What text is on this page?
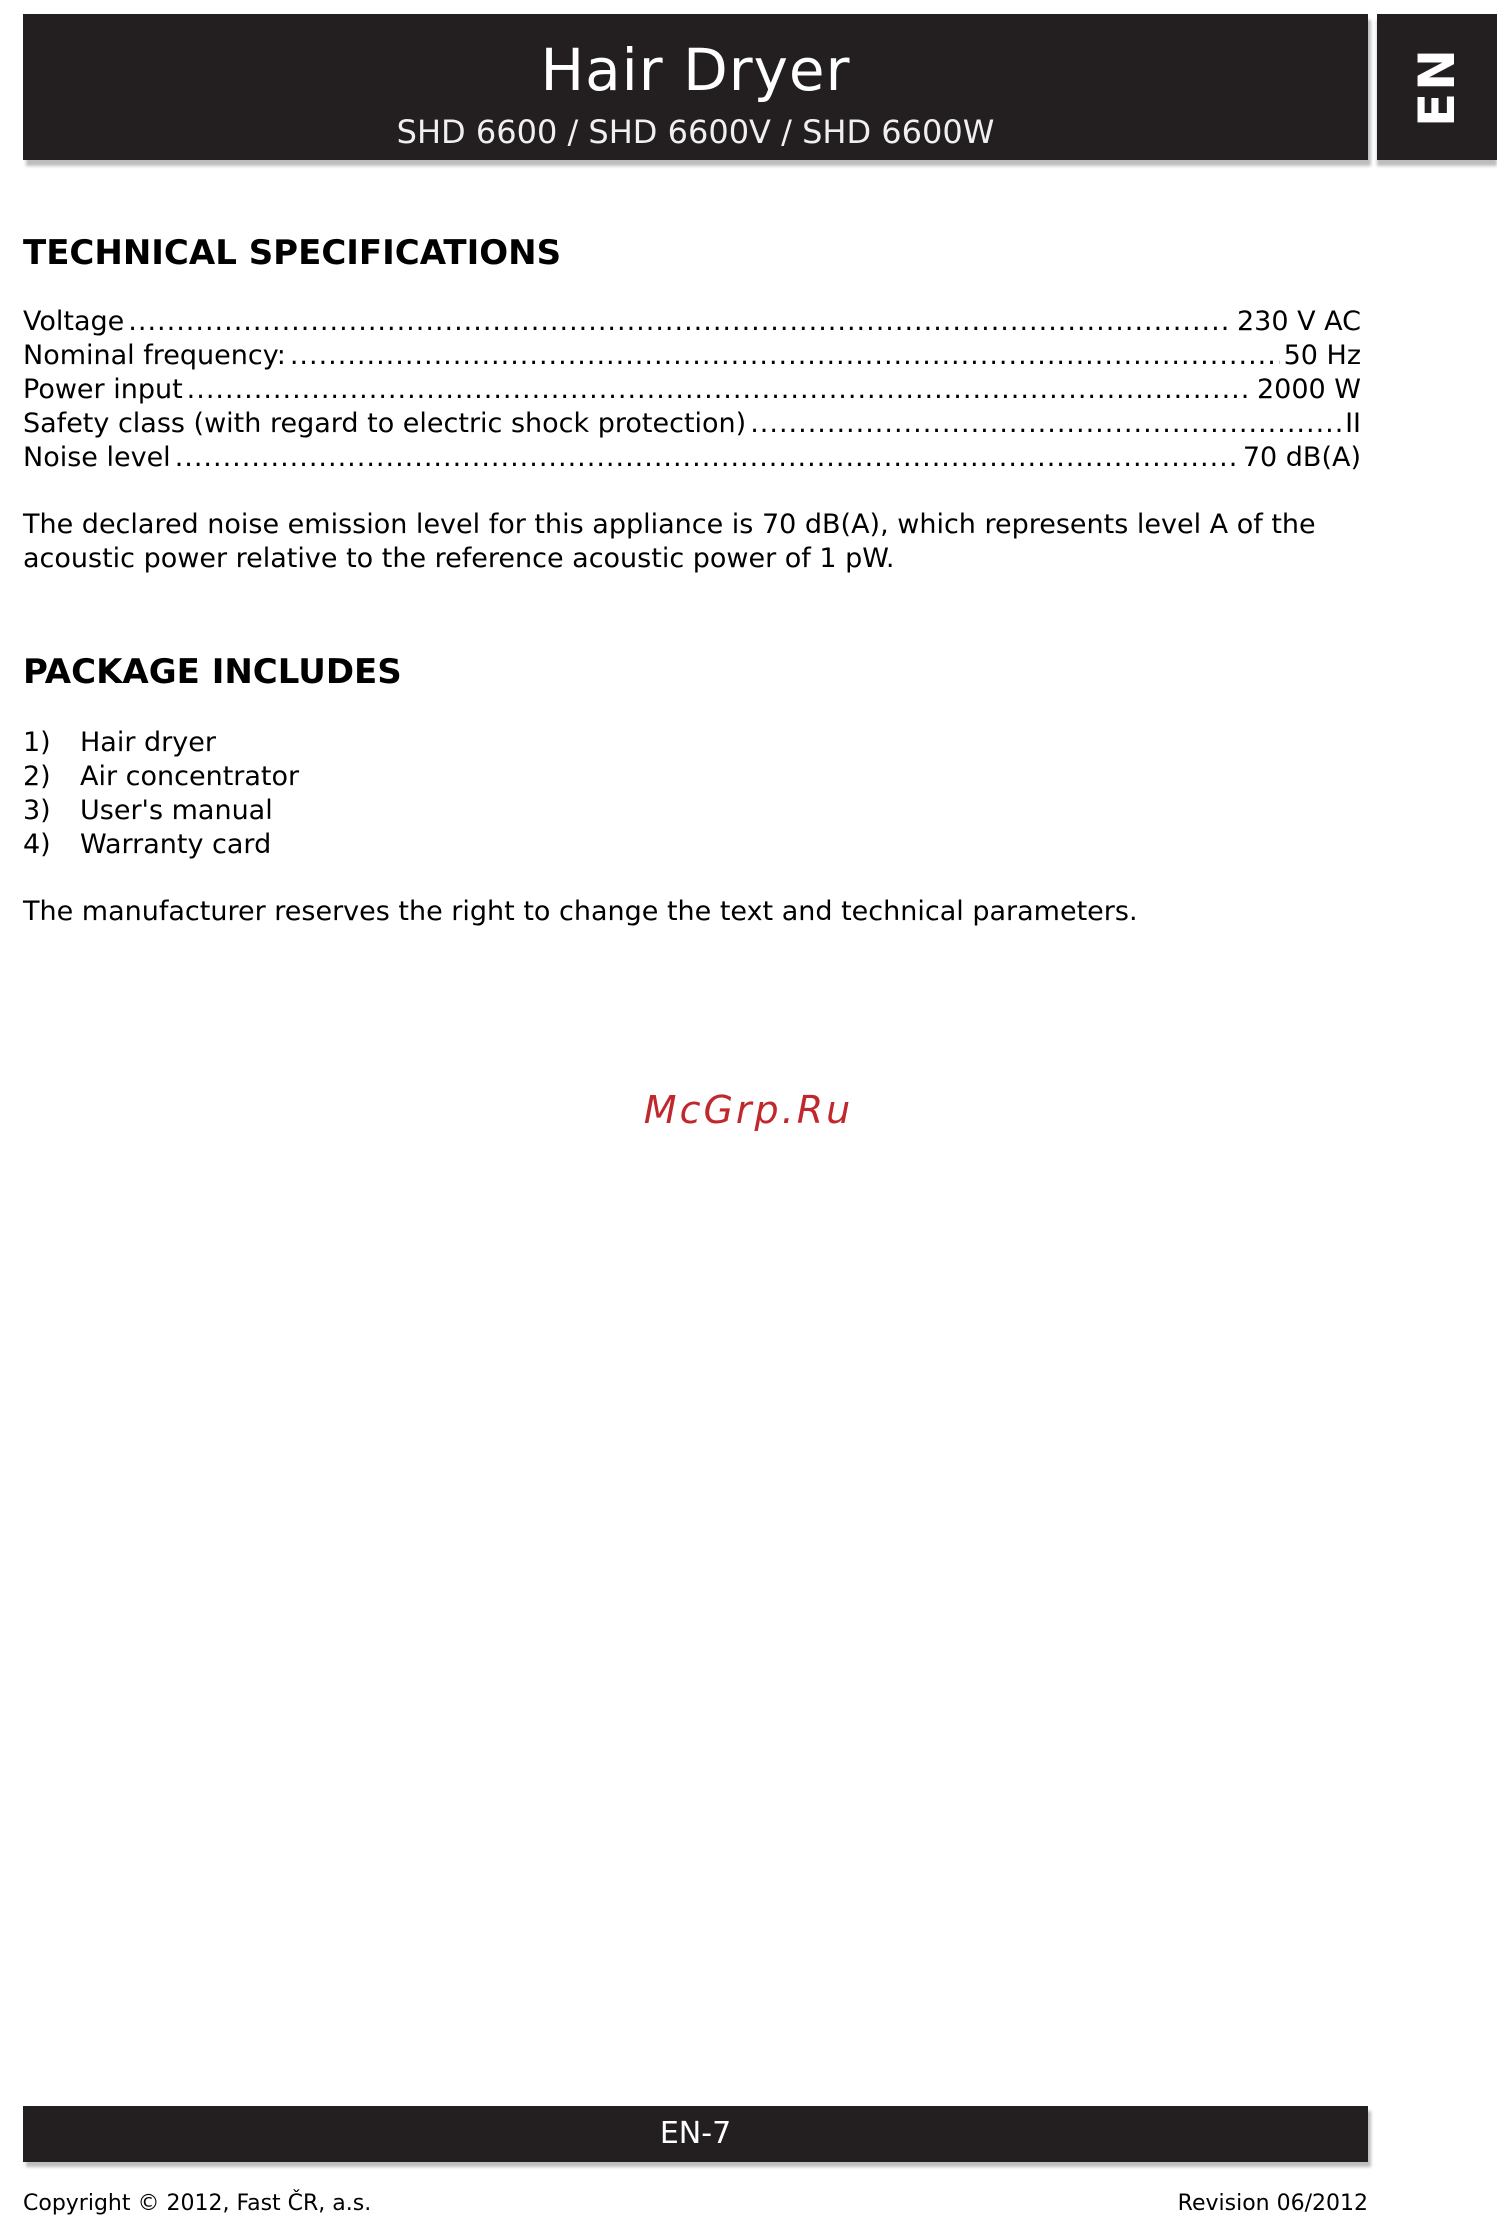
Hair Dryer
SHD 6600 / SHD 6600V / SHD 6600W
EN
TECHNICAL SPECIFICATIONS
Voltage .....	230 V AC
Nominal frequency: .....	50 Hz
Power input .....	2000 W
Safety class (with regard to electric shock protection) .....	II
Noise level .....	70 dB(A)

The declared noise emission level for this appliance is 70 dB(A), which represents level A of the acoustic power relative to the reference acoustic power of 1 pW.

PACKAGE INCLUDES
1)	Hair dryer
2)	Air concentrator
3)	User's manual
4)	Warranty card

The manufacturer reserves the right to change the text and technical parameters.

McGrp.Ru
EN-7
Copyright © 2012, Fast ČR, a.s.	Revision 06/2012
